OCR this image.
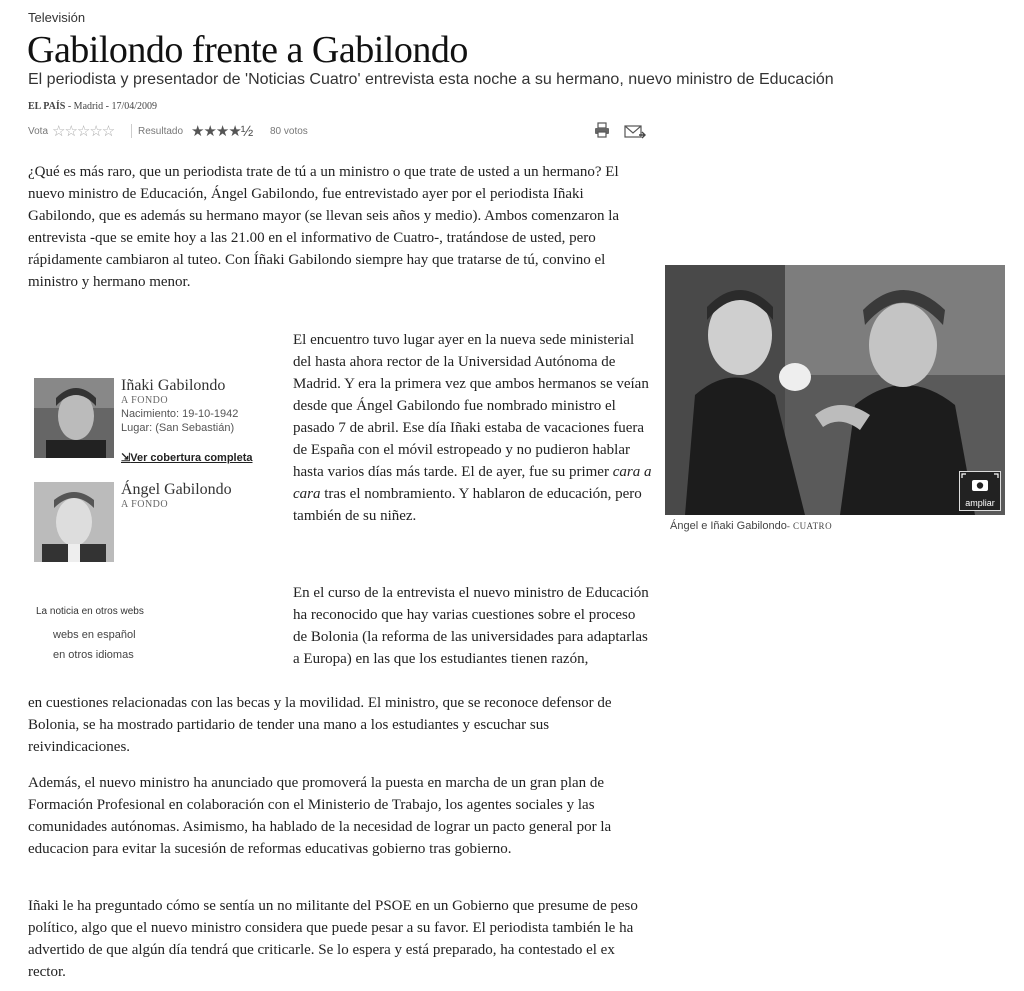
Televisión
Gabilondo frente a Gabilondo
El periodista y presentador de 'Noticias Cuatro' entrevista esta noche a su hermano, nuevo ministro de Educación
EL PAÍS - Madrid - 17/04/2009
Vota ☆☆☆☆☆ Resultado ★★★★½ 80 votos

¿Qué es más raro, que un periodista trate de tú a un ministro o que trate de usted a un hermano? El nuevo ministro de Educación, Ángel Gabilondo, fue entrevistado ayer por el periodista Iñaki Gabilondo, que es además su hermano mayor (se llevan seis años y medio). Ambos comenzaron la entrevista -que se emite hoy a las 21.00 en el informativo de Cuatro-, tratándose de usted, pero rápidamente cambiaron al tuteo. Con Íñaki Gabilondo siempre hay que tratarse de tú, convino el ministro y hermano menor.

El encuentro tuvo lugar ayer en la nueva sede ministerial del hasta ahora rector de la Universidad Autónoma de Madrid. Y era la primera vez que ambos hermanos se veían desde que Ángel Gabilondo fue nombrado ministro el pasado 7 de abril. Ese día Iñaki estaba de vacaciones fuera de España con el móvil estropeado y no pudieron hablar hasta varios días más tarde. El de ayer, fue su primer cara a cara tras el nombramiento. Y hablaron de educación, pero también de su niñez.

En el curso de la entrevista el nuevo ministro de Educación ha reconocido que hay varias cuestiones sobre el proceso de Bolonia (la reforma de las universidades para adaptarlas a Europa) en las que los estudiantes tienen razón,

en cuestiones relacionadas con las becas y la movilidad. El ministro, que se reconoce defensor de Bolonia, se ha mostrado partidario de tender una mano a los estudiantes y escuchar sus reivindicaciones.

Además, el nuevo ministro ha anunciado que promoverá la puesta en marcha de un gran plan de Formación Profesional en colaboración con el Ministerio de Trabajo, los agentes sociales y las comunidades autónomas. Asimismo, ha hablado de la necesidad de lograr un pacto general por la educacion para evitar la sucesión de reformas educativas gobierno tras gobierno.

Iñaki le ha preguntado cómo se sentía un no militante del PSOE en un Gobierno que presume de peso político, algo que el nuevo ministro considera que puede pesar a su favor. El periodista también le ha advertido de que algún día tendrá que criticarle. Se lo espera y está preparado, ha contestado el ex rector.

Iñaki Gabilondo
A FONDO
Nacimiento: 19-10-1942
Lugar: (San Sebastián)
⇲Ver cobertura completa
Ángel Gabilondo
A FONDO
La noticia en otros webs
webs en español
en otros idiomas
ampliar
Ángel e Iñaki Gabilondo- CUATRO
